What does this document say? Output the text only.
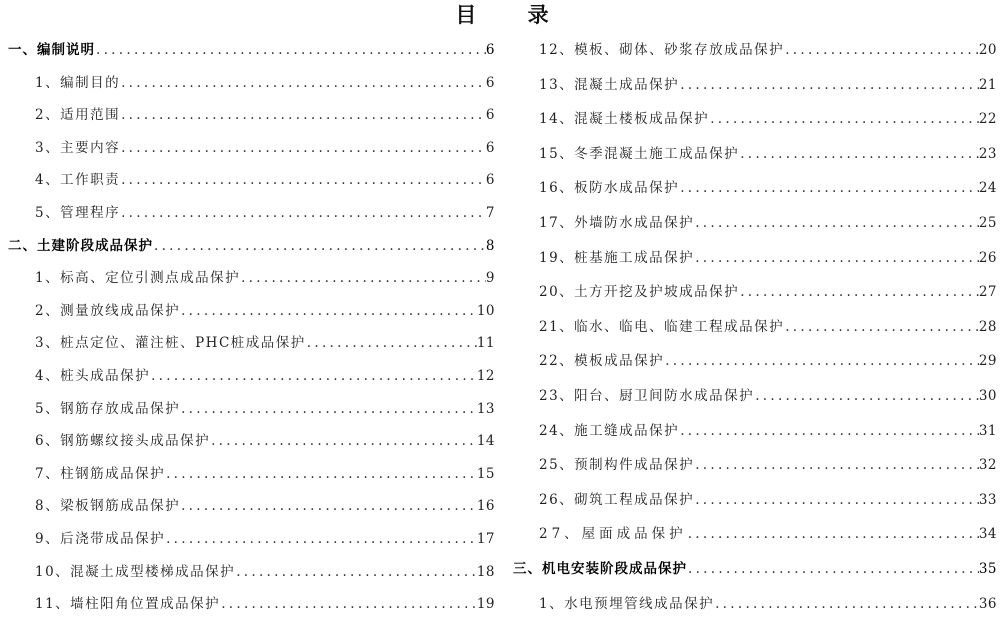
目 录
一、编制说明 .....	6
1、编制目的 .....	6
2、适用范围 .....	6
3、主要内容 .....	6
4、工作职责 .....	6
5、管理程序 .....	7
二、土建阶段成品保护 .....	8
1、标高、定位引测点成品保护 .....	9
2、测量放线成品保护 .....	10
3、桩点定位、灌注桩、PHC桩成品保护 .....	11
4、桩头成品保护 .....	12
5、钢筋存放成品保护 .....	13
6、钢筋螺纹接头成品保护 .....	14
7、柱钢筋成品保护 .....	15
8、梁板钢筋成品保护 .....	16
9、后浇带成品保护 .....	17
10、混凝土成型楼梯成品保护 .....	18
11、墙柱阳角位置成品保护 .....	19
12、模板、砌体、砂浆存放成品保护 .....	20
13、混凝土成品保护 .....	21
14、混凝土楼板成品保护 .....	22
15、冬季混凝土施工成品保护 .....	23
16、板防水成品保护 .....	24
17、外墙防水成品保护 .....	25
19、桩基施工成品保护 .....	26
20、土方开挖及护坡成品保护 .....	27
21、临水、临电、临建工程成品保护 .....	28
22、模板成品保护 .....	29
23、阳台、厨卫间防水成品保护 .....	30
24、施工缝成品保护 .....	31
25、预制构件成品保护 .....	32
26、砌筑工程成品保护 .....	33
27、屋面成品保护 .....	34
三、机电安装阶段成品保护 .....	35
1、水电预埋管线成品保护 .....	36
